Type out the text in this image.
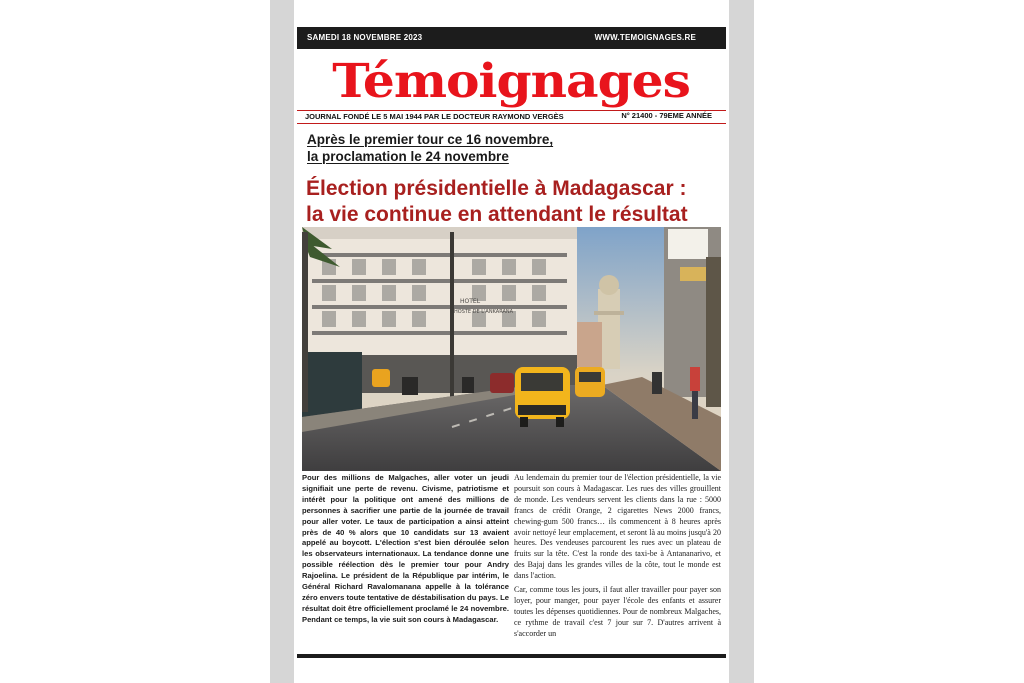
SAMEDI 18 NOVEMBRE 2023	WWW.TEMOIGNAGES.RE
Témoignages
JOURNAL FONDÉ LE 5 MAI 1944 PAR LE DOCTEUR RAYMOND VERGÈS	N° 21400 - 79EME ANNÉE
Après le premier tour ce 16 novembre,
la proclamation le 24 novembre
Élection présidentielle à Madagascar :
la vie continue en attendant le résultat
HOTEL
HOSTE DE L'ANKARANA

Pour des millions de Malgaches, aller voter un jeudi signifiait une perte de revenu. Civisme, patriotisme et intérêt pour la politique ont amené des millions de personnes à sacrifier une partie de la journée de travail pour aller voter. Le taux de participation a ainsi atteint près de 40 % alors que 10 candidats sur 13 avaient appelé au boycott. L'élection s'est bien déroulée selon les observateurs internationaux. La tendance donne une possible réélection dès le premier tour pour Andry Rajoelina. Le président de la République par intérim, le Général Richard Ravalomanana appelle à la tolérance zéro envers toute tentative de déstabilisation du pays. Le résultat doit être officiellement proclamé le 24 novembre. Pendant ce temps, la vie suit son cours à Madagascar.

Au lendemain du premier tour de l'élection présidentielle, la vie poursuit son cours à Madagascar. Les rues des villes grouillent de monde. Les vendeurs servent les clients dans la rue : 5000 francs de crédit Orange, 2 cigarettes News 2000 francs, chewing-gum 500 francs… ils commencent à 8 heures après avoir nettoyé leur emplacement, et seront là au moins jusqu'à 20 heures. Des vendeuses parcourent les rues avec un plateau de fruits sur la tête. C'est la ronde des taxi-be à Antananarivo, et des Bajaj dans les grandes villes de la côte, tout le monde est dans l'action.

Car, comme tous les jours, il faut aller travailler pour payer son loyer, pour manger, pour payer l'école des enfants et assurer toutes les dépenses quotidiennes. Pour de nombreux Malgaches, ce rythme de travail c'est 7 jour sur 7. D'autres arrivent à s'accorder un
